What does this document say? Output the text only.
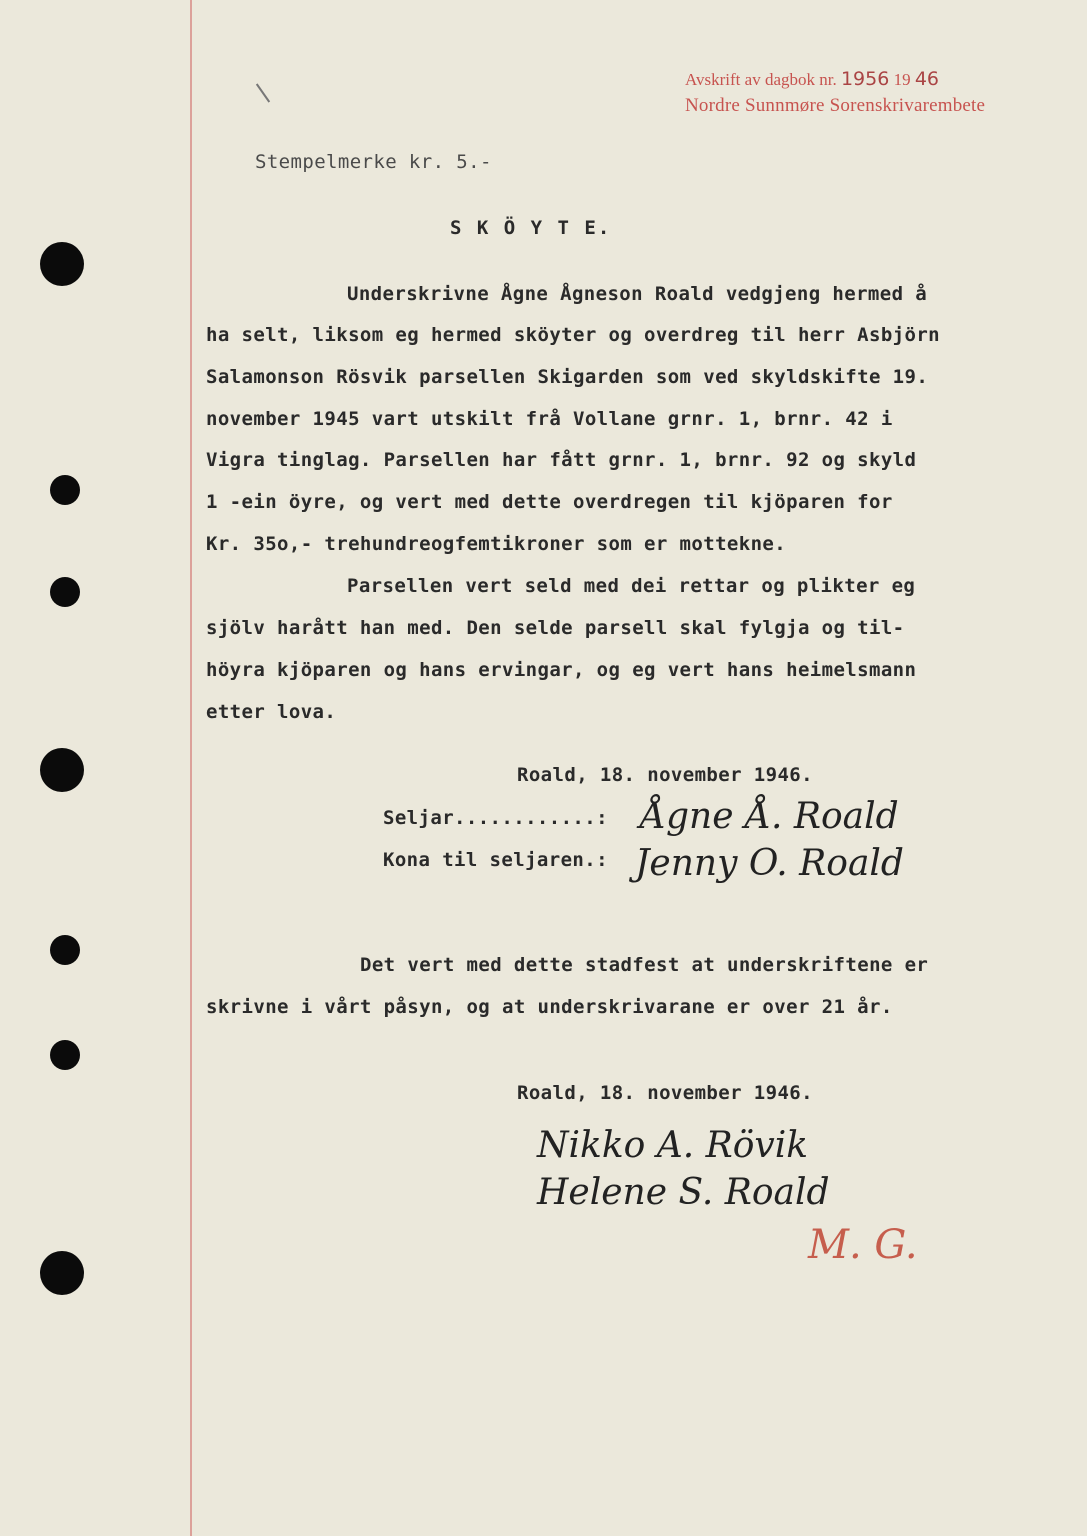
Avskrift av dagbok nr. 1956 19 46
Nordre Sunnmøre Sorenskrivarembete
Stempelmerke kr. 5.-
S K Ö Y T E.
Underskrivne Ågne Ågneson Roald vedgjeng hermed å
ha selt, liksom eg hermed sköyter og overdreg til herr Asbjörn
Salamonson Rösvik parsellen Skigarden som ved skyldskifte 19.
november 1945 vart utskilt frå Vollane grnr. 1, brnr. 42 i
Vigra tinglag. Parsellen har fått grnr. 1, brnr. 92 og skyld
1 -ein öyre, og vert med dette overdregen til kjöparen for
Kr. 35o,- trehundreogfemtikroner som er mottekne.
Parsellen vert seld med dei rettar og plikter eg
sjölv harått han med. Den selde parsell skal fylgja og til-
höyra kjöparen og hans ervingar, og eg vert hans heimelsmann
etter lova.
Roald, 18. november 1946.
Seljar............:
Kona til seljaren.:
Ågne Å. Roald
Jenny O. Roald
Det vert med dette stadfest at underskriftene er
skrivne i vårt påsyn, og at underskrivarane er over 21 år.
Roald, 18. november 1946.
Nikko A. Rövik
Helene S. Roald
M. G.
